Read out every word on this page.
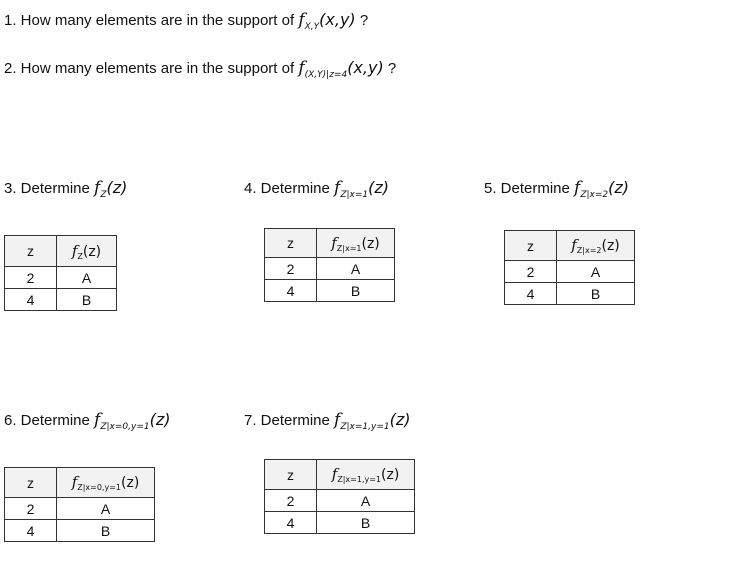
1. How many elements are in the support of $f_{X,Y}(x,y)$ ?
2. How many elements are in the support of $f_{(X,Y)|z=4}(x,y)$ ?
3. Determine $f_Z(z)$	4. Determine $f_{Z|x=1}(z)$	5. Determine $f_{Z|x=2}(z)$
6. Determine $f_{Z|x=0,y=1}(z)$	7. Determine $f_{Z|x=1,y=1}(z)$
z	$f_Z(z)$
2	A
4	B
z	$f_{Z|x=1}(z)$
2	A
4	B
z	$f_{Z|x=2}(z)$
2	A
4	B
z	$f_{Z|x=0,y=1}(z)$
2	A
4	B
z	$f_{Z|x=1,y=1}(z)$
2	A
4	B
